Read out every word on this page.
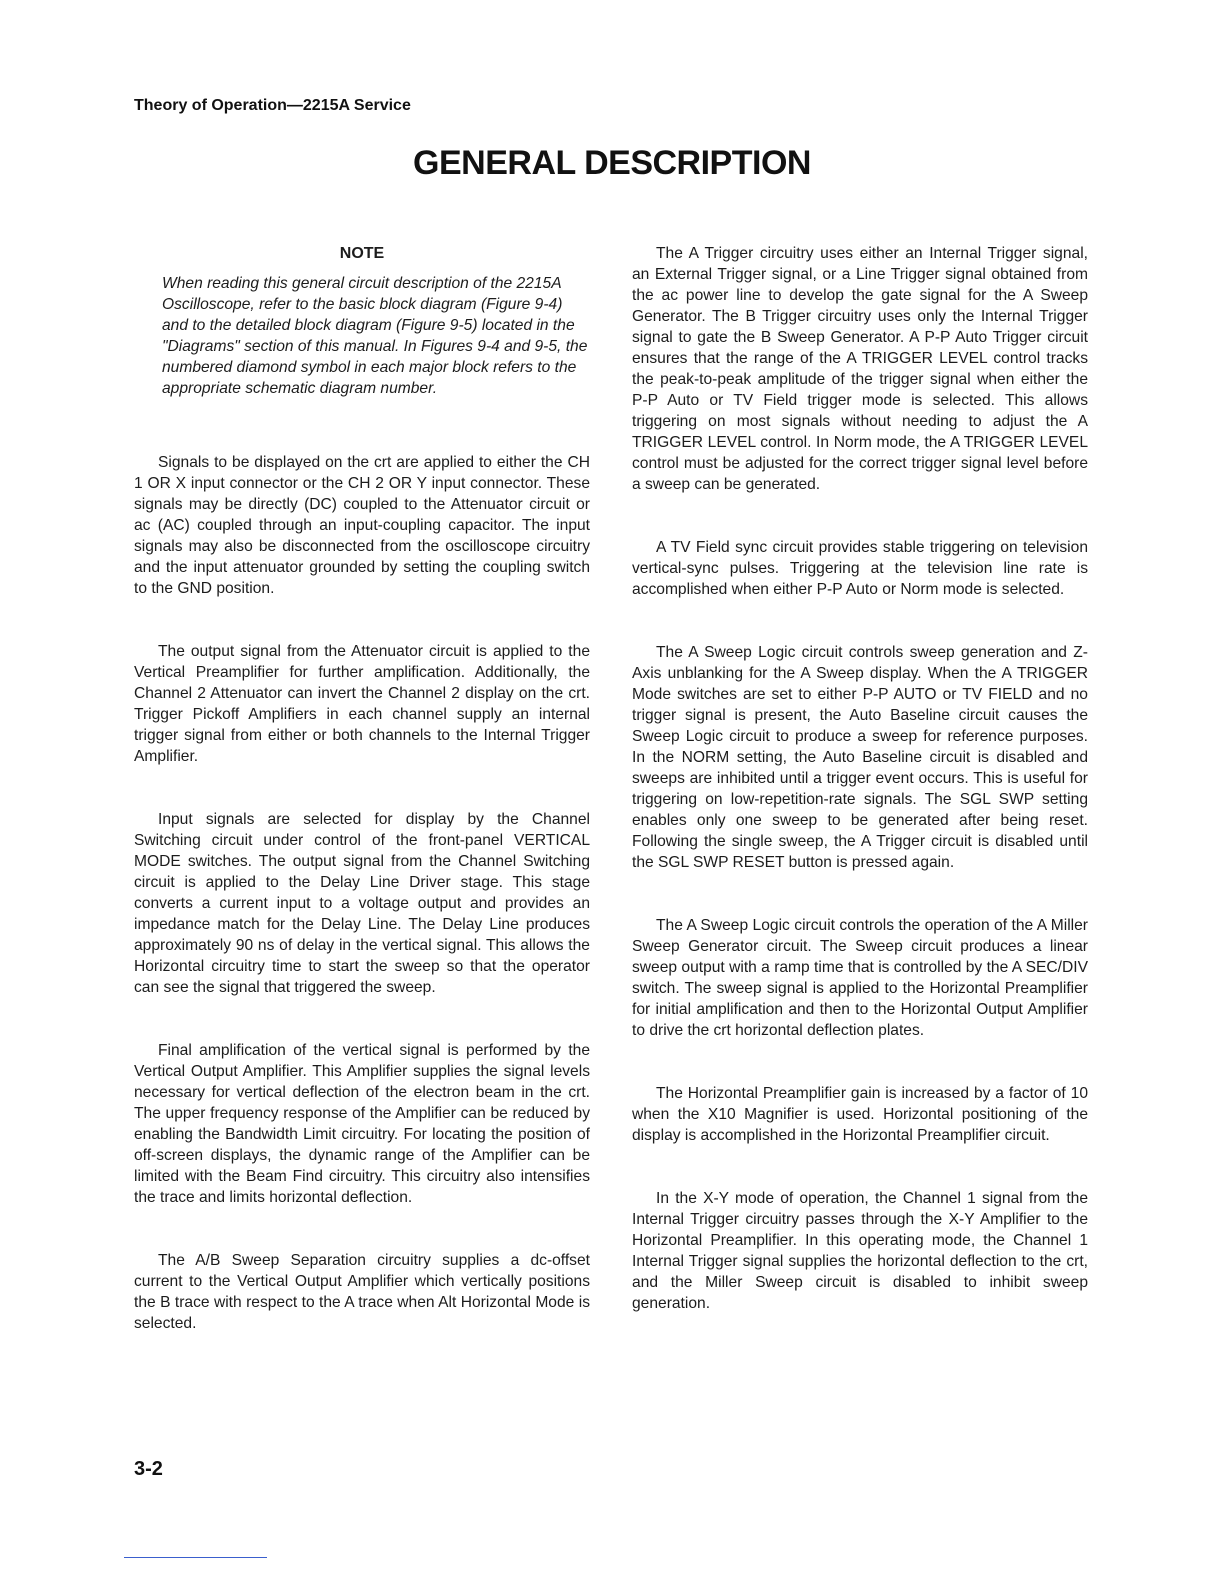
Theory of Operation—2215A Service
GENERAL DESCRIPTION
NOTE
When reading this general circuit description of the 2215A Oscilloscope, refer to the basic block diagram (Figure 9-4) and to the detailed block diagram (Figure 9-5) located in the "Diagrams" section of this manual. In Figures 9-4 and 9-5, the numbered diamond symbol in each major block refers to the appropriate schematic diagram number.

Signals to be displayed on the crt are applied to either the CH 1 OR X input connector or the CH 2 OR Y input connector. These signals may be directly (DC) coupled to the Attenuator circuit or ac (AC) coupled through an input-coupling capacitor. The input signals may also be disconnected from the oscilloscope circuitry and the input attenuator grounded by setting the coupling switch to the GND position.

The output signal from the Attenuator circuit is applied to the Vertical Preamplifier for further amplification. Additionally, the Channel 2 Attenuator can invert the Channel 2 display on the crt. Trigger Pickoff Amplifiers in each channel supply an internal trigger signal from either or both channels to the Internal Trigger Amplifier.

Input signals are selected for display by the Channel Switching circuit under control of the front-panel VERTICAL MODE switches. The output signal from the Channel Switching circuit is applied to the Delay Line Driver stage. This stage converts a current input to a voltage output and provides an impedance match for the Delay Line. The Delay Line produces approximately 90 ns of delay in the vertical signal. This allows the Horizontal circuitry time to start the sweep so that the operator can see the signal that triggered the sweep.

Final amplification of the vertical signal is performed by the Vertical Output Amplifier. This Amplifier supplies the signal levels necessary for vertical deflection of the electron beam in the crt. The upper frequency response of the Amplifier can be reduced by enabling the Bandwidth Limit circuitry. For locating the position of off-screen displays, the dynamic range of the Amplifier can be limited with the Beam Find circuitry. This circuitry also intensifies the trace and limits horizontal deflection.

The A/B Sweep Separation circuitry supplies a dc-offset current to the Vertical Output Amplifier which vertically positions the B trace with respect to the A trace when Alt Horizontal Mode is selected.

The A Trigger circuitry uses either an Internal Trigger signal, an External Trigger signal, or a Line Trigger signal obtained from the ac power line to develop the gate signal for the A Sweep Generator. The B Trigger circuitry uses only the Internal Trigger signal to gate the B Sweep Generator. A P-P Auto Trigger circuit ensures that the range of the A TRIGGER LEVEL control tracks the peak-to-peak amplitude of the trigger signal when either the P-P Auto or TV Field trigger mode is selected. This allows triggering on most signals without needing to adjust the A TRIGGER LEVEL control. In Norm mode, the A TRIGGER LEVEL control must be adjusted for the correct trigger signal level before a sweep can be generated.

A TV Field sync circuit provides stable triggering on television vertical-sync pulses. Triggering at the television line rate is accomplished when either P-P Auto or Norm mode is selected.

The A Sweep Logic circuit controls sweep generation and Z-Axis unblanking for the A Sweep display. When the A TRIGGER Mode switches are set to either P-P AUTO or TV FIELD and no trigger signal is present, the Auto Baseline circuit causes the Sweep Logic circuit to produce a sweep for reference purposes. In the NORM setting, the Auto Baseline circuit is disabled and sweeps are inhibited until a trigger event occurs. This is useful for triggering on low-repetition-rate signals. The SGL SWP setting enables only one sweep to be generated after being reset. Following the single sweep, the A Trigger circuit is disabled until the SGL SWP RESET button is pressed again.

The A Sweep Logic circuit controls the operation of the A Miller Sweep Generator circuit. The Sweep circuit produces a linear sweep output with a ramp time that is controlled by the A SEC/DIV switch. The sweep signal is applied to the Horizontal Preamplifier for initial amplification and then to the Horizontal Output Amplifier to drive the crt horizontal deflection plates.

The Horizontal Preamplifier gain is increased by a factor of 10 when the X10 Magnifier is used. Horizontal positioning of the display is accomplished in the Horizontal Preamplifier circuit.

In the X-Y mode of operation, the Channel 1 signal from the Internal Trigger circuitry passes through the X-Y Amplifier to the Horizontal Preamplifier. In this operating mode, the Channel 1 Internal Trigger signal supplies the horizontal deflection to the crt, and the Miller Sweep circuit is disabled to inhibit sweep generation.

3-2
